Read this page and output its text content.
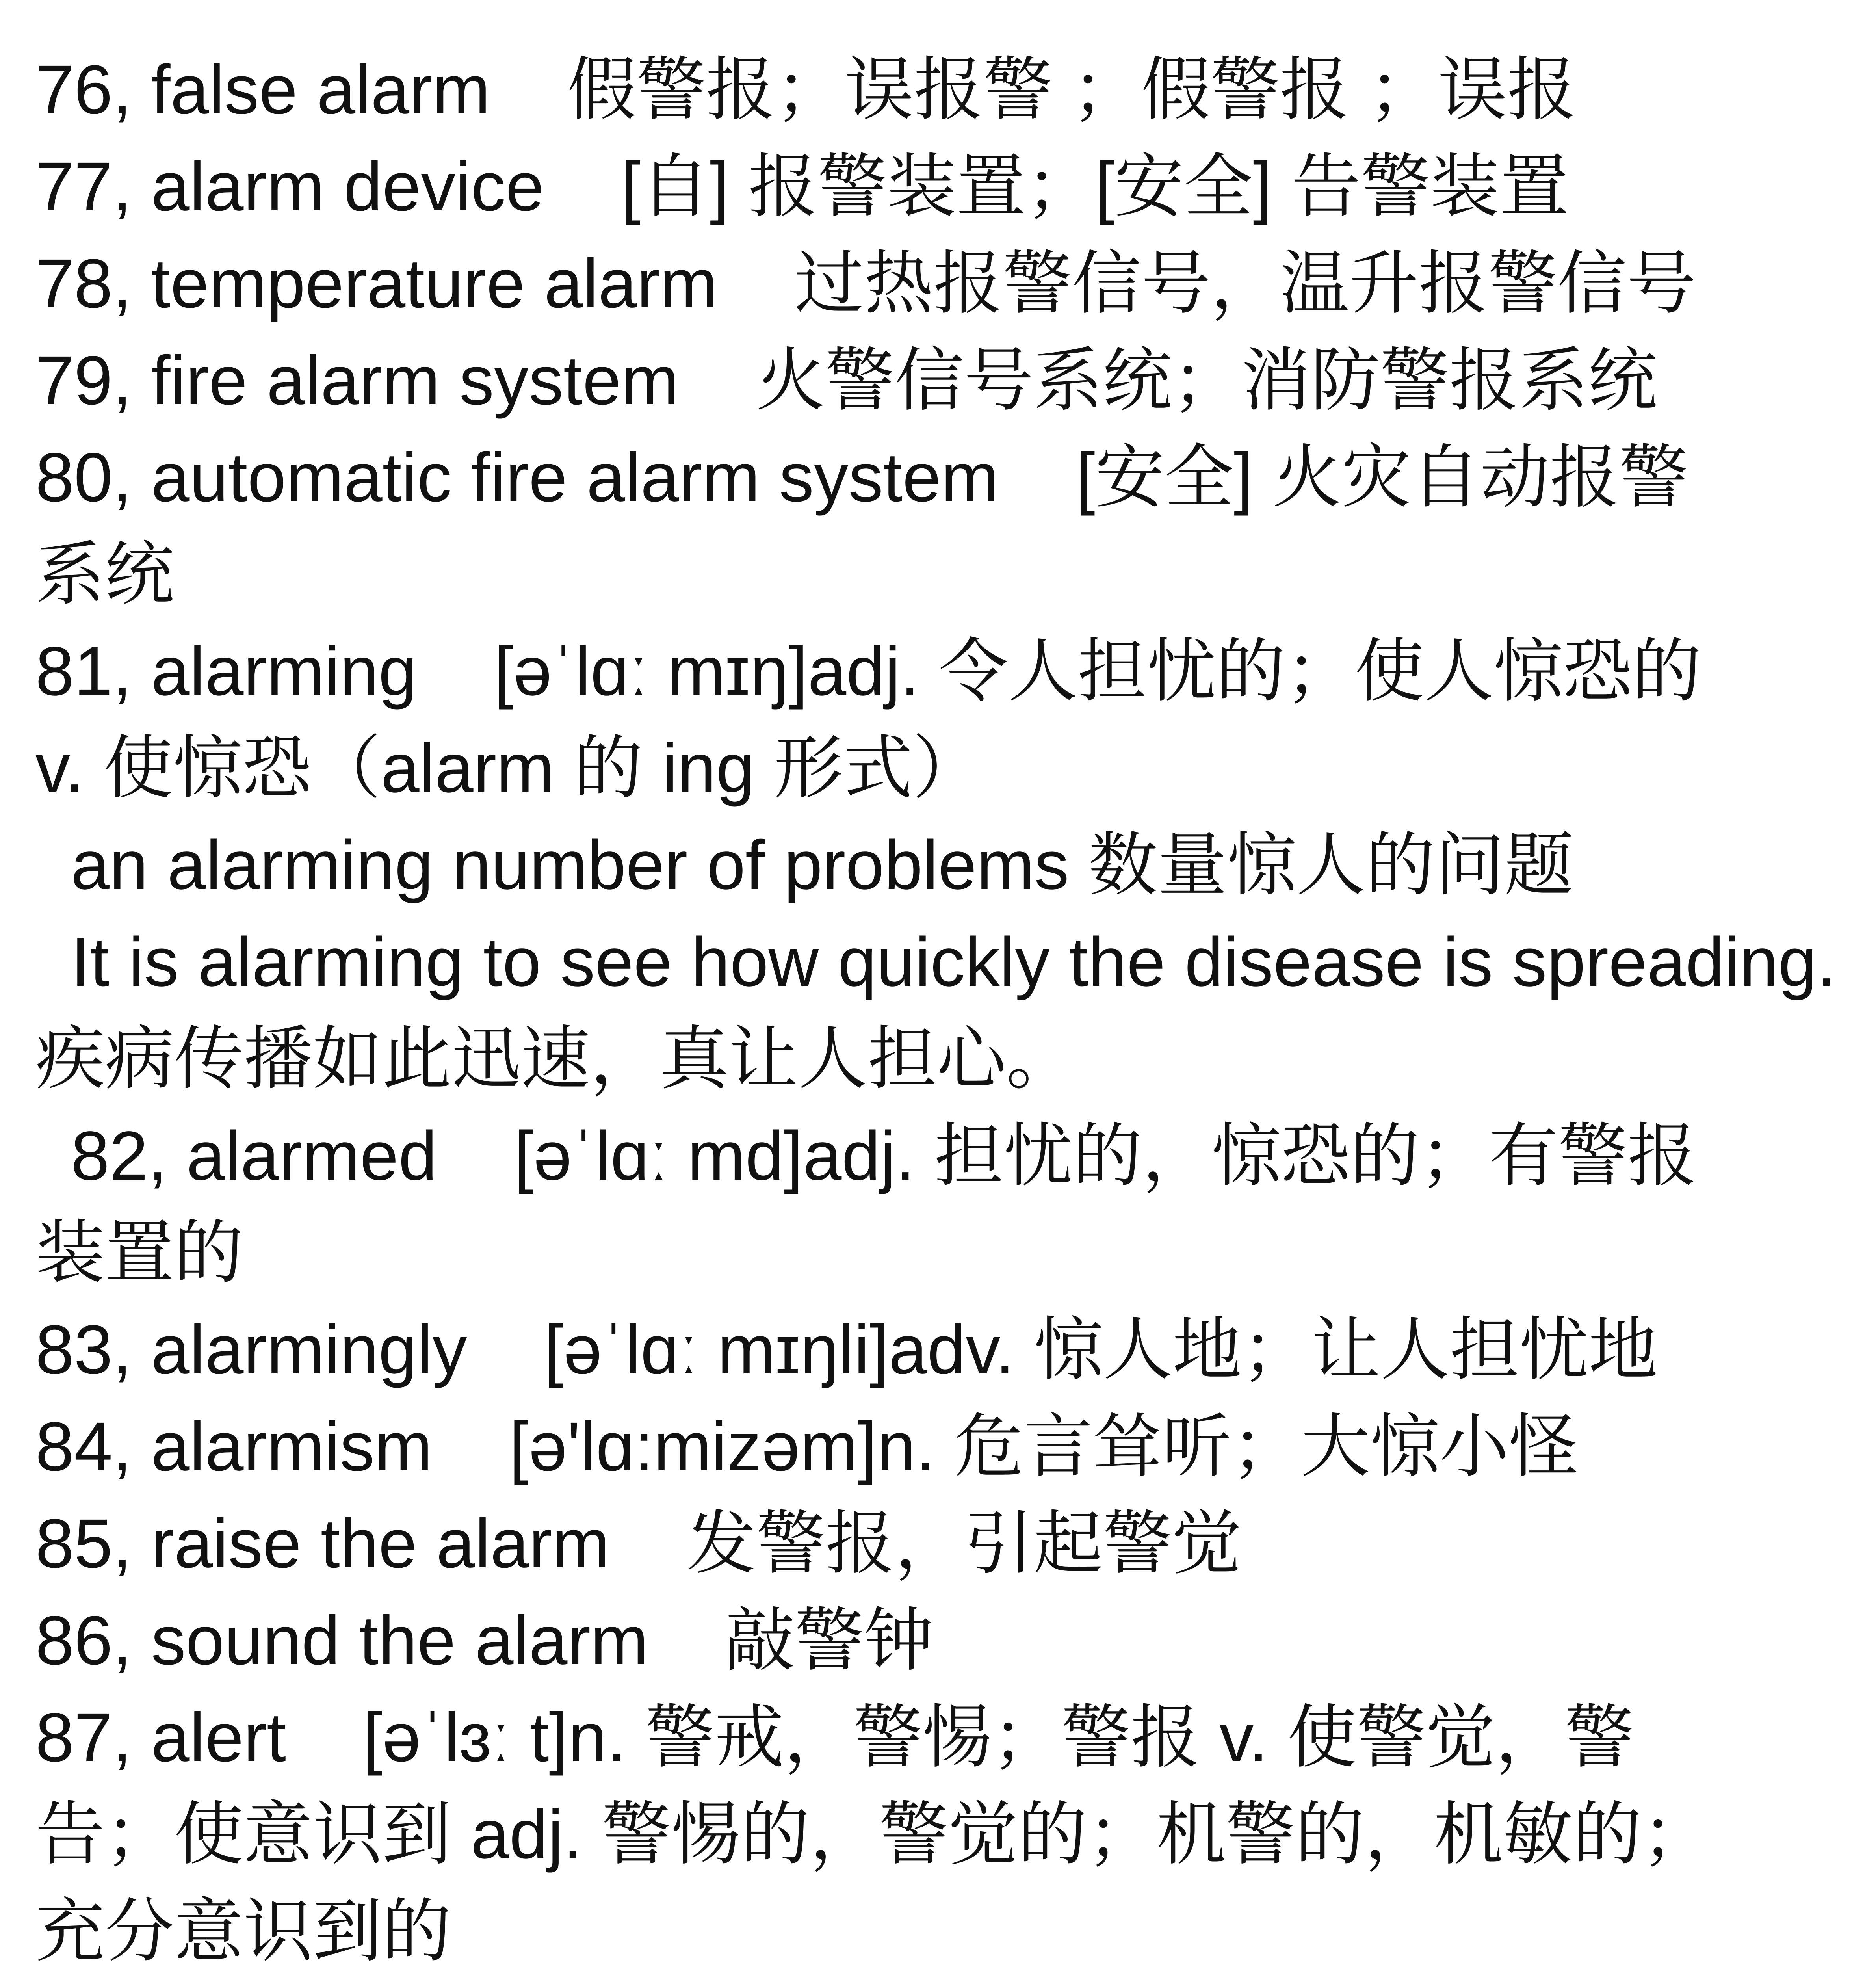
76, false alarm    假警报；误报警 ；假警报 ；误报
77, alarm device    [自] 报警装置；[安全] 告警装置
78, temperature alarm    过热报警信号，温升报警信号
79, fire alarm system    火警信号系统；消防警报系统
80, automatic fire alarm system    [安全] 火灾自动报警
系统
81, alarming    [əˈlɑː mɪŋ]adj. 令人担忧的；使人惊恐的
v. 使惊恐（alarm 的 ing 形式）
an alarming number of problems 数量惊人的问题
It is alarming to see how quickly the disease is spreading.
疾病传播如此迅速，真让人担心。
82, alarmed    [əˈlɑː md]adj. 担忧的，惊恐的；有警报
装置的
83, alarmingly    [əˈlɑː mɪŋli]adv. 惊人地；让人担忧地
84, alarmism    [ə'lɑ:mizəm]n. 危言耸听；大惊小怪
85, raise the alarm    发警报，引起警觉
86, sound the alarm    敲警钟
87, alert    [əˈlɜː t]n. 警戒，警惕；警报 v. 使警觉，警
告；使意识到 adj. 警惕的，警觉的；机警的，机敏的；
充分意识到的
